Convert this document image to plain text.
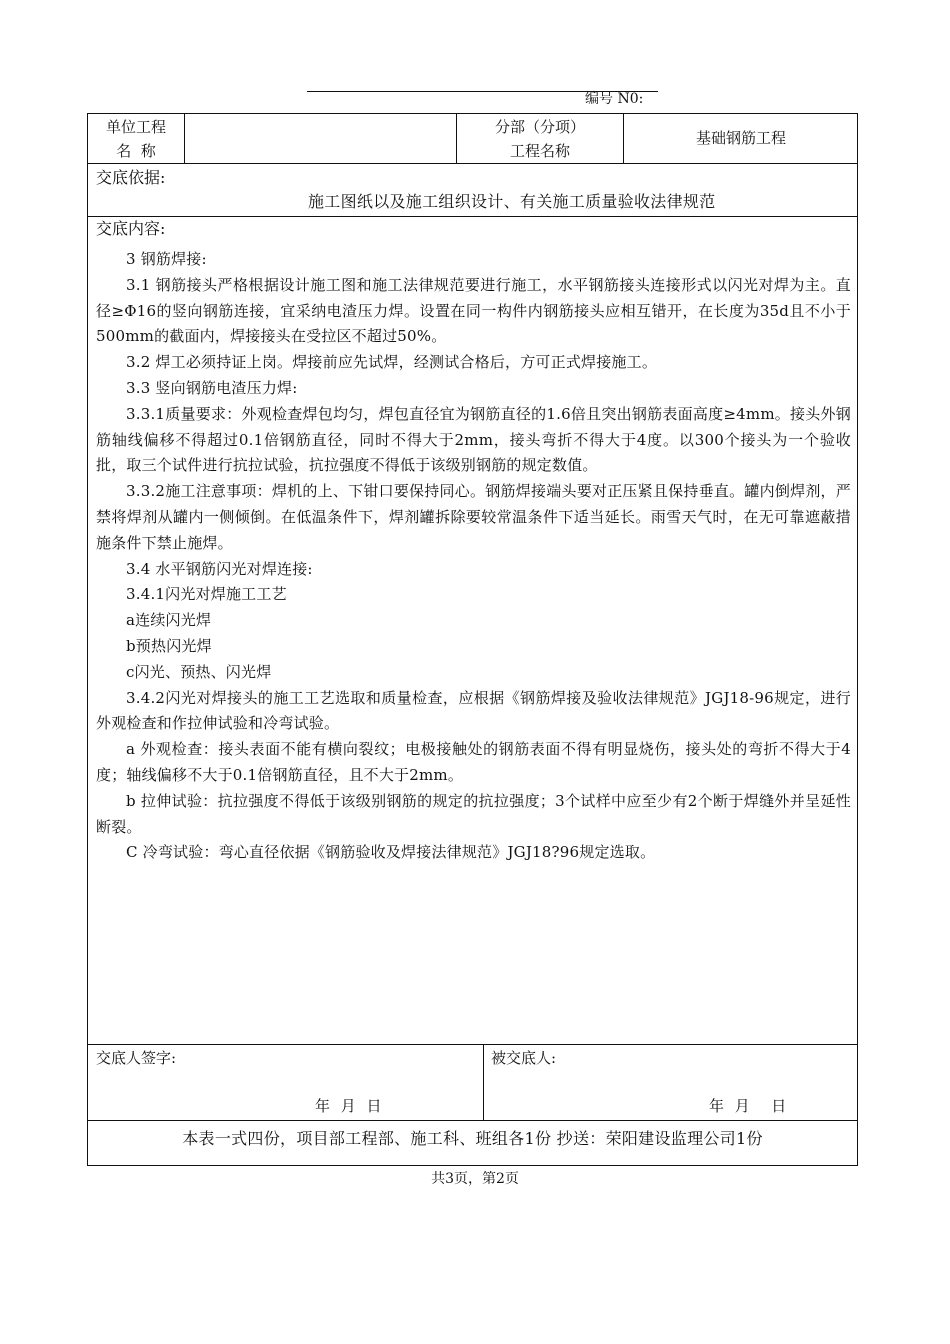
编号 N0:
单位工程
名  称
分部（分项）
工程名称
基础钢筋工程
交底依据:
施工图纸以及施工组织设计、有关施工质量验收法律规范
交底内容:

3 钢筋焊接:

3.1 钢筋接头严格根据设计施工图和施工法律规范要进行施工，水平钢筋接头连接形式以闪光对焊为主。直径≥Φ16的竖向钢筋连接，宜采纳电渣压力焊。设置在同一构件内钢筋接头应相互错开，在长度为35d且不小于500mm的截面内，焊接接头在受拉区不超过50%。

3.2 焊工必须持证上岗。焊接前应先试焊，经测试合格后，方可正式焊接施工。

3.3 竖向钢筋电渣压力焊:

3.3.1质量要求：外观检查焊包均匀，焊包直径宜为钢筋直径的1.6倍且突出钢筋表面高度≥4mm。接头外钢筋轴线偏移不得超过0.1倍钢筋直径，同时不得大于2mm，接头弯折不得大于4度。以300个接头为一个验收批，取三个试件进行抗拉试验，抗拉强度不得低于该级别钢筋的规定数值。

3.3.2施工注意事项：焊机的上、下钳口要保持同心。钢筋焊接端头要对正压紧且保持垂直。罐内倒焊剂，严禁将焊剂从罐内一侧倾倒。在低温条件下，焊剂罐拆除要较常温条件下适当延长。雨雪天气时，在无可靠遮蔽措施条件下禁止施焊。

3.4 水平钢筋闪光对焊连接:

3.4.1闪光对焊施工工艺

a连续闪光焊

b预热闪光焊

c闪光、预热、闪光焊

3.4.2闪光对焊接头的施工工艺选取和质量检查，应根据《钢筋焊接及验收法律规范》JGJ18-96规定，进行外观检查和作拉伸试验和冷弯试验。

a 外观检查：接头表面不能有横向裂纹；电极接触处的钢筋表面不得有明显烧伤，接头处的弯折不得大于4度；轴线偏移不大于0.1倍钢筋直径，且不大于2mm。

b 拉伸试验：抗拉强度不得低于该级别钢筋的规定的抗拉强度；3个试样中应至少有2个断于焊缝外并呈延性断裂。

C 冷弯试验：弯心直径依据《钢筋验收及焊接法律规范》JGJ18?96规定选取。

交底人签字:	被交底人:
年 月 日	年 月  日
本表一式四份，项目部工程部、施工科、班组各1份 抄送：荣阳建设监理公司1份
共3页，第2页
